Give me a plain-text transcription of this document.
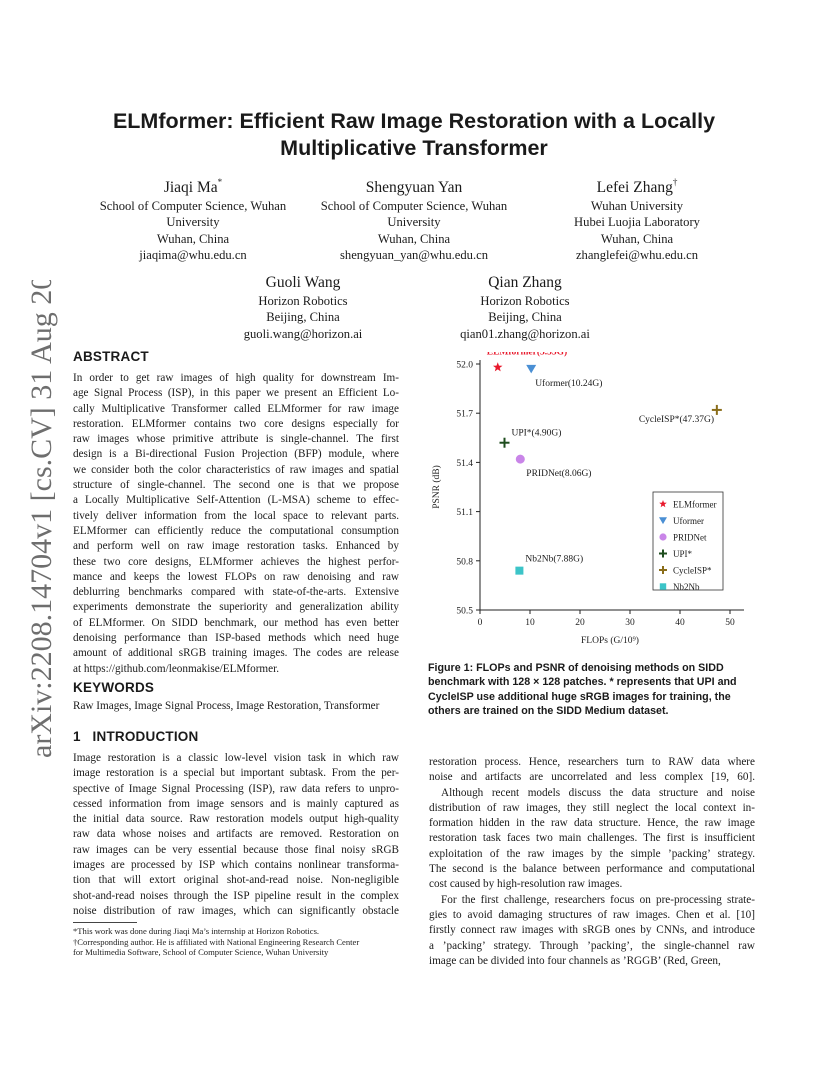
arXiv:2208.14704v1 [cs.CV] 31 Aug 2022
ELMformer: Efficient Raw Image Restoration with a Locally
Multiplicative Transformer
Jiaqi Ma*
School of Computer Science, Wuhan
University
Wuhan, China
jiaqima@whu.edu.cn
Shengyuan Yan
School of Computer Science, Wuhan
University
Wuhan, China
shengyuan_yan@whu.edu.cn
Lefei Zhang†
Wuhan University
Hubei Luojia Laboratory
Wuhan, China
zhanglefei@whu.edu.cn
Guoli Wang
Horizon Robotics
Beijing, China
guoli.wang@horizon.ai
Qian Zhang
Horizon Robotics
Beijing, China
qian01.zhang@horizon.ai
ABSTRACT
In order to get raw images of high quality for downstream Im-
age Signal Process (ISP), in this paper we present an Efficient Lo-
cally Multiplicative Transformer called ELMformer for raw image
restoration. ELMformer contains two core designs especially for
raw images whose primitive attribute is single-channel. The first
design is a Bi-directional Fusion Projection (BFP) module, where
we consider both the color characteristics of raw images and spatial
structure of single-channel. The second one is that we propose
a Locally Multiplicative Self-Attention (L-MSA) scheme to effec-
tively deliver information from the local space to relevant parts.
ELMformer can efficiently reduce the computational consumption
and perform well on raw image restoration tasks. Enhanced by
these two core designs, ELMformer achieves the highest perfor-
mance and keeps the lowest FLOPs on raw denoising and raw
deblurring benchmarks compared with state-of-the-arts. Extensive
experiments demonstrate the superiority and generalization ability
of ELMformer. On SIDD benchmark, our method has even better
denoising performance than ISP-based methods which need huge
amount of additional sRGB training images. The codes are release
at https://github.com/leonmakise/ELMformer.
KEYWORDS
Raw Images, Image Signal Process, Image Restoration, Transformer
1   INTRODUCTION
Image restoration is a classic low-level vision task in which raw
image restoration is a special but important subtask. From the per-
spective of Image Signal Processing (ISP), raw data refers to unpro-
cessed information from image sensors and is mainly captured as
the initial data source. Raw restoration models output high-quality
raw data whose noises and artifacts are removed. Restoration on
raw images can be very essential because those final noisy sRGB
images are processed by ISP which contains nonlinear transforma-
tion that will extort original shot-and-read noise. Non-negligible
shot-and-read noises through the ISP pipeline result in the complex
noise distribution of raw images, which can significantly obstacle
*This work was done during Jiaqi Ma’s internship at Horizon Robotics.
†Corresponding author. He is affiliated with National Engineering Research Center
for Multimedia Software, School of Computer Science, Wuhan University
0	10	20	30	40	50
50.5
50.8
51.1
51.4
51.7
52.0
FLOPs (G/10⁹)
PSNR (dB)
ELMformer(3.55G)
Uformer(10.24G)
PRIDNet(8.06G)
UPI*(4.90G)
CycleISP*(47.37G)
Nb2Nb(7.88G)
ELMformer
Uformer
PRIDNet
UPI*
CycleISP*
Nb2Nb
Figure 1: FLOPs and PSNR of denoising methods on SIDD
benchmark with 128 × 128 patches. * represents that UPI and
CycleISP use additional huge sRGB images for training, the
others are trained on the SIDD Medium dataset.
restoration process. Hence, researchers turn to RAW data where
noise and artifacts are uncorrelated and less complex [19, 60].
Although recent models discuss the data structure and noise
distribution of raw images, they still neglect the local context in-
formation hidden in the raw data structure. Hence, the raw image
restoration task faces two main challenges. The first is insufficient
exploitation of the raw images by the simple ’packing’ strategy.
The second is the balance between performance and computational
cost caused by high-resolution raw images.
For the first challenge, researchers focus on pre-processing strate-
gies to avoid damaging structures of raw images. Chen et al. [10]
firstly connect raw images with sRGB ones by CNNs, and introduce
a ’packing’ strategy. Through ’packing’, the single-channel raw
image can be divided into four channels as ’RGGB’ (Red, Green,
